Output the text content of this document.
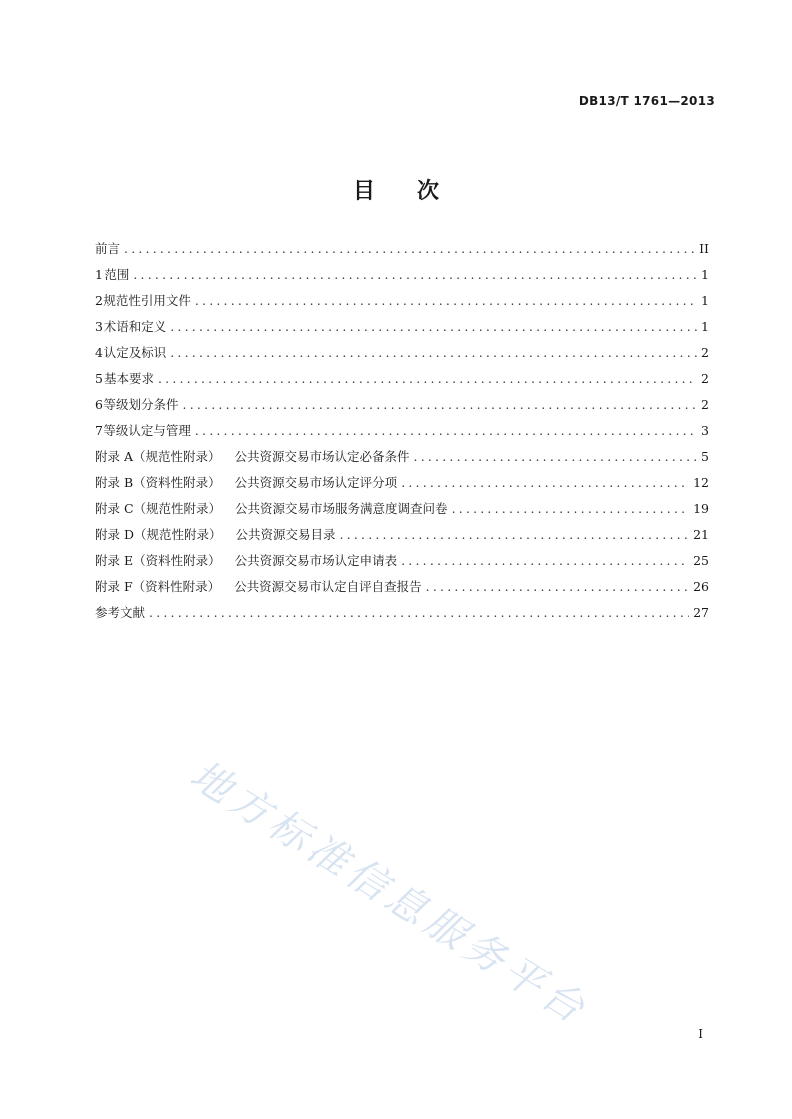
DB13/T 1761—2013
目 次
前言 .....	II
1 范围 .....	1
2 规范性引用文件 .....	1
3 术语和定义 .....	1
4 认定及标识 .....	2
5 基本要求 .....	2
6 等级划分条件 .....	2
7 等级认定与管理 .....	3
附录 A（规范性附录） 公共资源交易市场认定必备条件 .....	5
附录 B（资料性附录） 公共资源交易市场认定评分项 .....	12
附录 C（规范性附录） 公共资源交易市场服务满意度调查问卷 .....	19
附录 D（规范性附录） 公共资源交易目录 .....	21
附录 E（资料性附录） 公共资源交易市场认定申请表 .....	25
附录 F（资料性附录） 公共资源交易市认定自评自查报告 .....	26
参考文献 .....	27
地方标准信息服务平台	I
